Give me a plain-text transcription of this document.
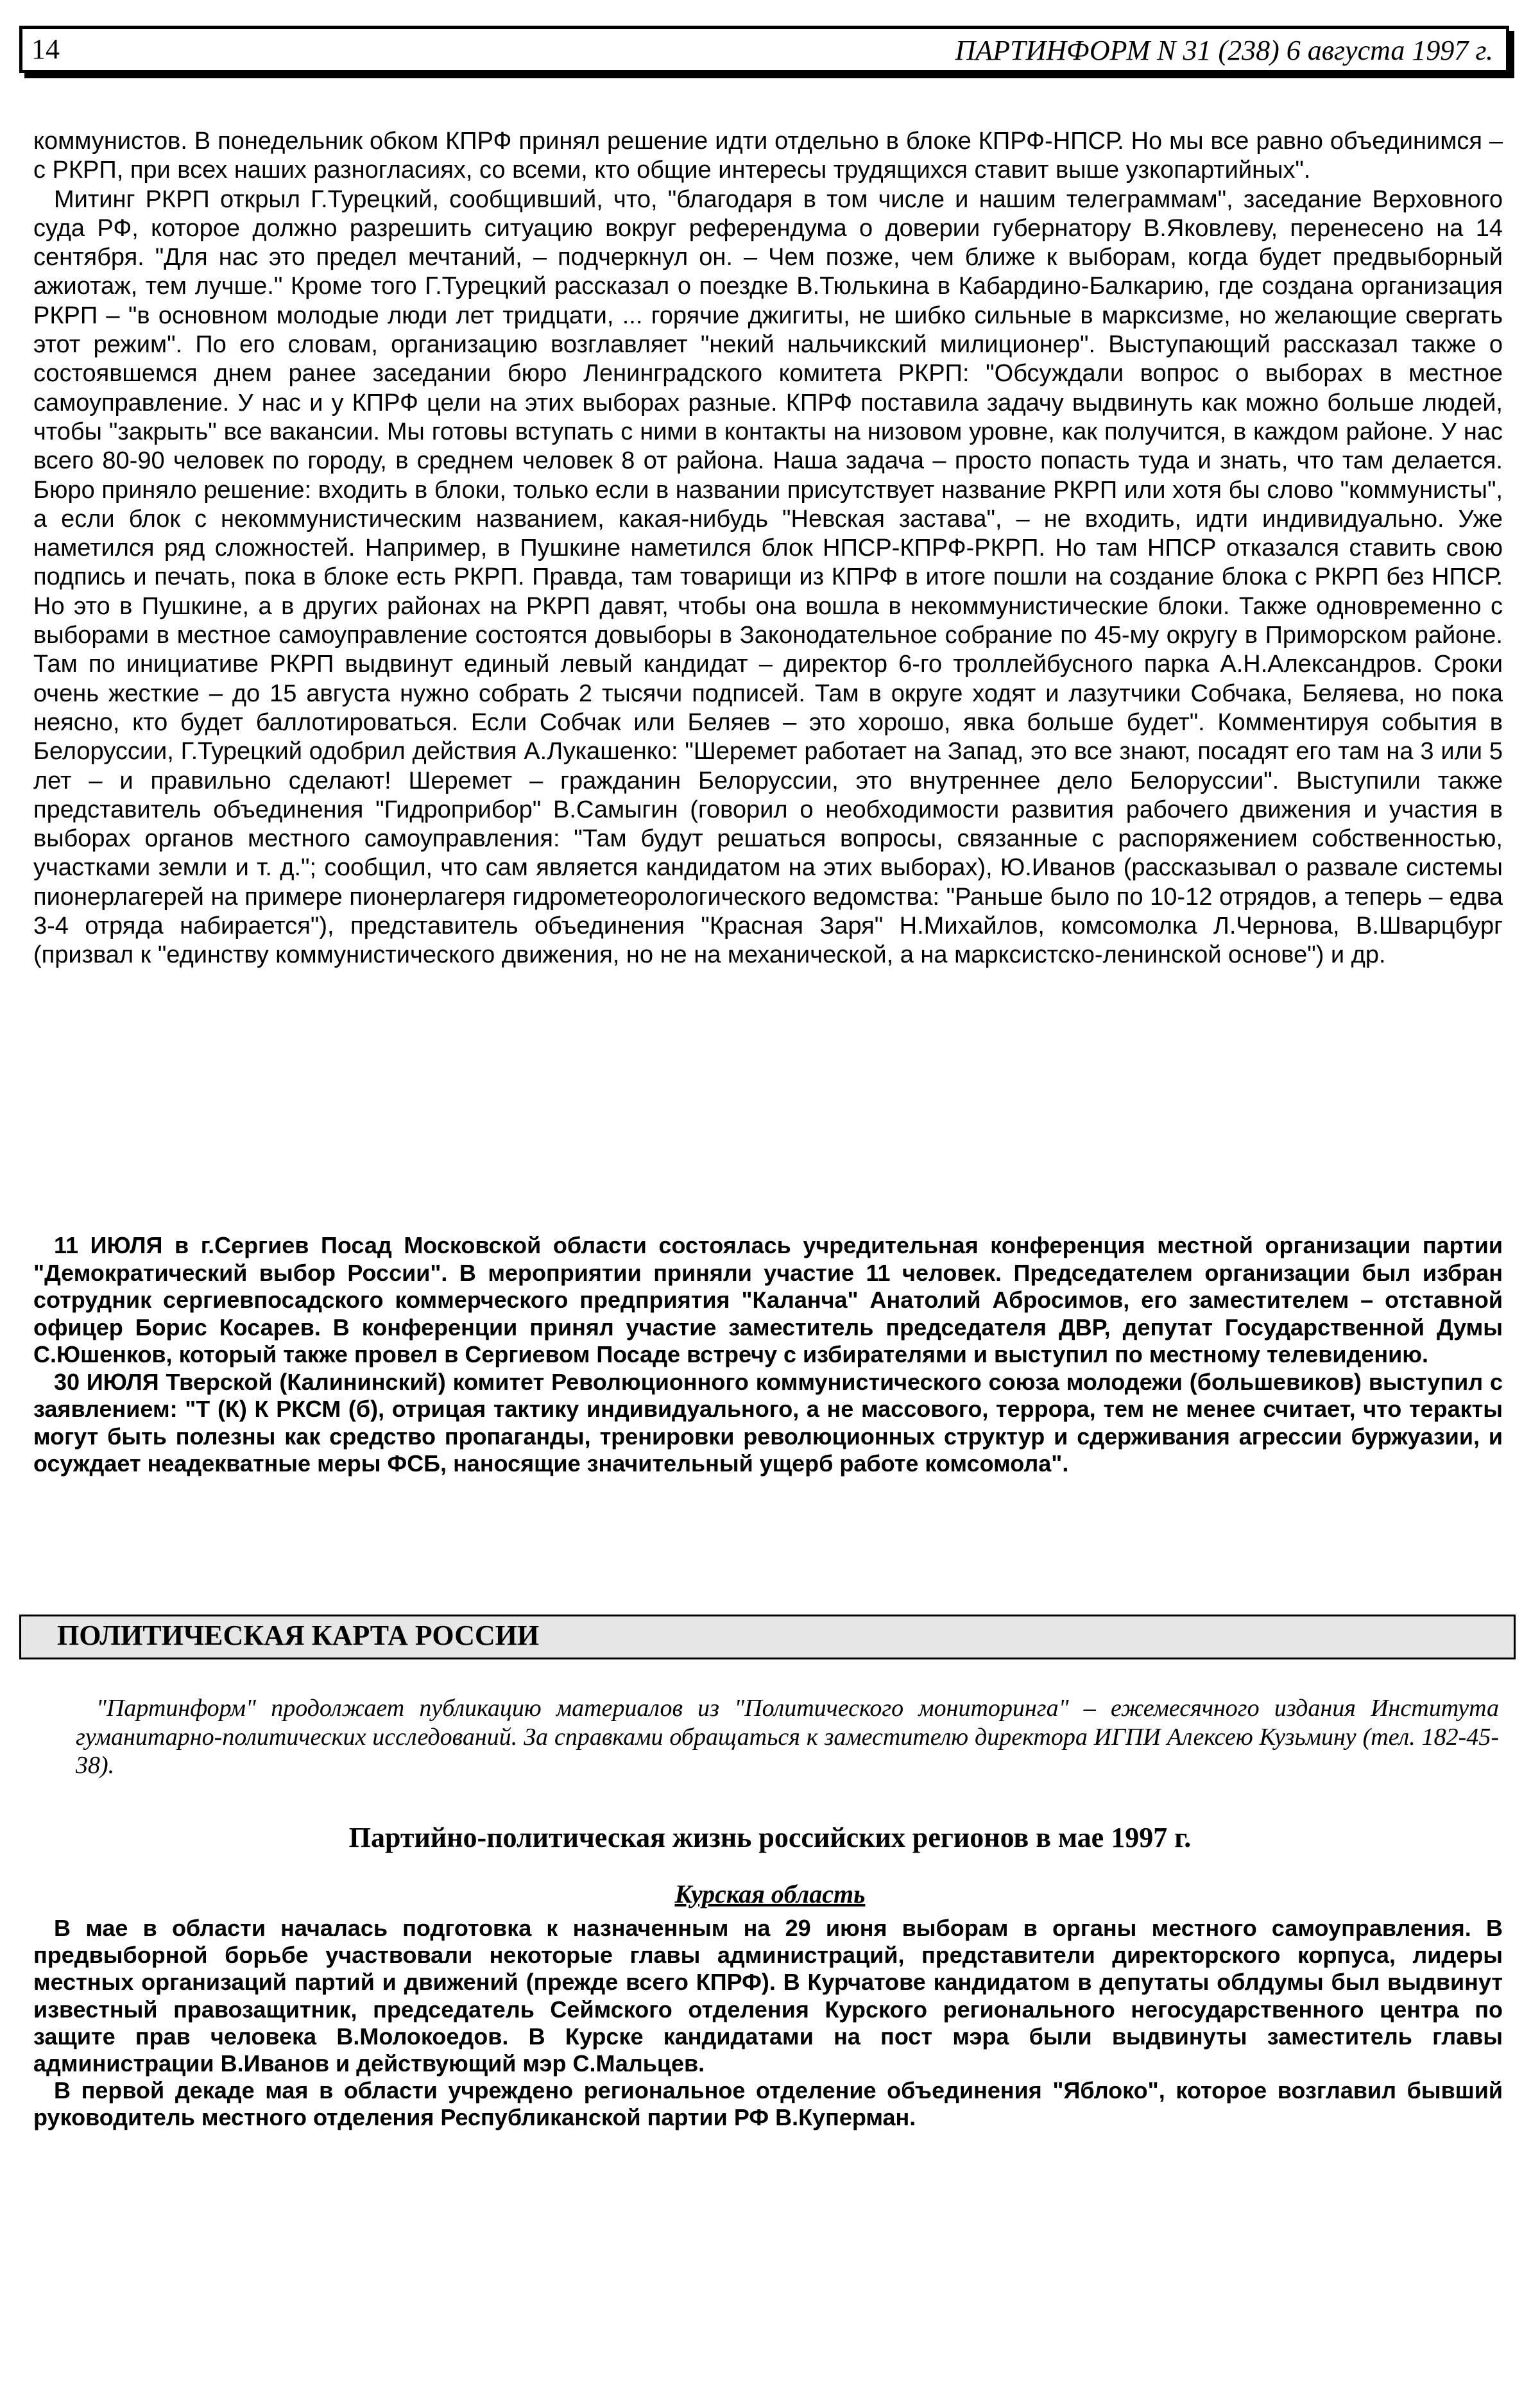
14	ПАРТИНФОРМ N 31 (238) 6 августа 1997 г.
коммунистов. В понедельник обком КПРФ принял решение идти отдельно в блоке КПРФ-НПСР. Но мы все равно объединимся – с РКРП, при всех наших разногласиях, со всеми, кто общие интересы трудящихся ставит выше узкопартийных".
Митинг РКРП открыл Г.Турецкий, сообщивший, что, "благодаря в том числе и нашим телеграммам", заседание Верховного суда РФ, которое должно разрешить ситуацию вокруг референдума о доверии губернатору В.Яковлеву, перенесено на 14 сентября. "Для нас это предел мечтаний, – подчеркнул он. – Чем позже, чем ближе к выборам, когда будет предвыборный ажиотаж, тем лучше." Кроме того Г.Турецкий рассказал о поездке В.Тюлькина в Кабардино-Балкарию, где создана организация РКРП – "в основном молодые люди лет тридцати, ... горячие джигиты, не шибко сильные в марксизме, но желающие свергать этот режим". По его словам, организацию возглавляет "некий нальчикский милиционер". Выступающий рассказал также о состоявшемся днем ранее заседании бюро Ленинградского комитета РКРП: "Обсуждали вопрос о выборах в местное самоуправление. У нас и у КПРФ цели на этих выборах разные. КПРФ поставила задачу выдвинуть как можно больше людей, чтобы "закрыть" все вакансии. Мы готовы вступать с ними в контакты на низовом уровне, как получится, в каждом районе. У нас всего 80-90 человек по городу, в среднем человек 8 от района. Наша задача – просто попасть туда и знать, что там делается. Бюро приняло решение: входить в блоки, только если в названии присутствует название РКРП или хотя бы слово "коммунисты", а если блок с некоммунистическим названием, какая-нибудь "Невская застава", – не входить, идти индивидуально. Уже наметился ряд сложностей. Например, в Пушкине наметился блок НПСР-КПРФ-РКРП. Но там НПСР отказался ставить свою подпись и печать, пока в блоке есть РКРП. Правда, там товарищи из КПРФ в итоге пошли на создание блока с РКРП без НПСР. Но это в Пушкине, а в других районах на РКРП давят, чтобы она вошла в некоммунистические блоки. Также одновременно с выборами в местное самоуправление состоятся довыборы в Законодательное собрание по 45-му округу в Приморском районе. Там по инициативе РКРП выдвинут единый левый кандидат – директор 6-го троллейбусного парка А.Н.Александров. Сроки очень жесткие – до 15 августа нужно собрать 2 тысячи подписей. Там в округе ходят и лазутчики Собчака, Беляева, но пока неясно, кто будет баллотироваться. Если Собчак или Беляев – это хорошо, явка больше будет". Комментируя события в Белоруссии, Г.Турецкий одобрил действия А.Лукашенко: "Шеремет работает на Запад, это все знают, посадят его там на 3 или 5 лет – и правильно сделают! Шеремет – гражданин Белоруссии, это внутреннее дело Белоруссии". Выступили также представитель объединения "Гидроприбор" В.Самыгин (говорил о необходимости развития рабочего движения и участия в выборах органов местного самоуправления: "Там будут решаться вопросы, связанные с распоряжением собственностью, участками земли и т. д."; сообщил, что сам является кандидатом на этих выборах), Ю.Иванов (рассказывал о развале системы пионерлагерей на примере пионерлагеря гидрометеорологического ведомства: "Раньше было по 10-12 отрядов, а теперь – едва 3-4 отряда набирается"), представитель объединения "Красная Заря" Н.Михайлов, комсомолка Л.Чернова, В.Шварцбург (призвал к "единству коммунистического движения, но не на механической, а на марксистско-ленинской основе") и др.

11 ИЮЛЯ в г.Сергиев Посад Московской области состоялась учредительная конференция местной организации партии "Демократический выбор России". В мероприятии приняли участие 11 человек. Председателем организации был избран сотрудник сергиевпосадского коммерческого предприятия "Каланча" Анатолий Абросимов, его заместителем – отставной офицер Борис Косарев. В конференции принял участие заместитель председателя ДВР, депутат Государственной Думы С.Юшенков, который также провел в Сергиевом Посаде встречу с избирателями и выступил по местному телевидению.

30 ИЮЛЯ Тверской (Калининский) комитет Революционного коммунистического союза молодежи (большевиков) выступил с заявлением: "Т (К) К РКСМ (б), отрицая тактику индивидуального, а не массового, террора, тем не менее считает, что теракты могут быть полезны как средство пропаганды, тренировки революционных структур и сдерживания агрессии буржуазии, и осуждает неадекватные меры ФСБ, наносящие значительный ущерб работе комсомола".

ПОЛИТИЧЕСКАЯ КАРТА РОССИИ

"Партинформ" продолжает публикацию материалов из "Политического мониторинга" – ежемесячного издания Института гуманитарно-политических исследований. За справками обращаться к заместителю директора ИГПИ Алексею Кузьмину (тел. 182-45-38).

Партийно-политическая жизнь российских регионов в мае 1997 г.
Курская область

В мае в области началась подготовка к назначенным на 29 июня выборам в органы местного самоуправления. В предвыборной борьбе участвовали некоторые главы администраций, представители директорского корпуса, лидеры местных организаций партий и движений (прежде всего КПРФ). В Курчатове кандидатом в депутаты облдумы был выдвинут известный правозащитник, председатель Сеймского отделения Курского регионального негосударственного центра по защите прав человека В.Молокоедов. В Курске кандидатами на пост мэра были выдвинуты заместитель главы администрации В.Иванов и действующий мэр С.Мальцев.

В первой декаде мая в области учреждено региональное отделение объединения "Яблоко", которое возглавил бывший руководитель местного отделения Республиканской партии РФ В.Куперман.
